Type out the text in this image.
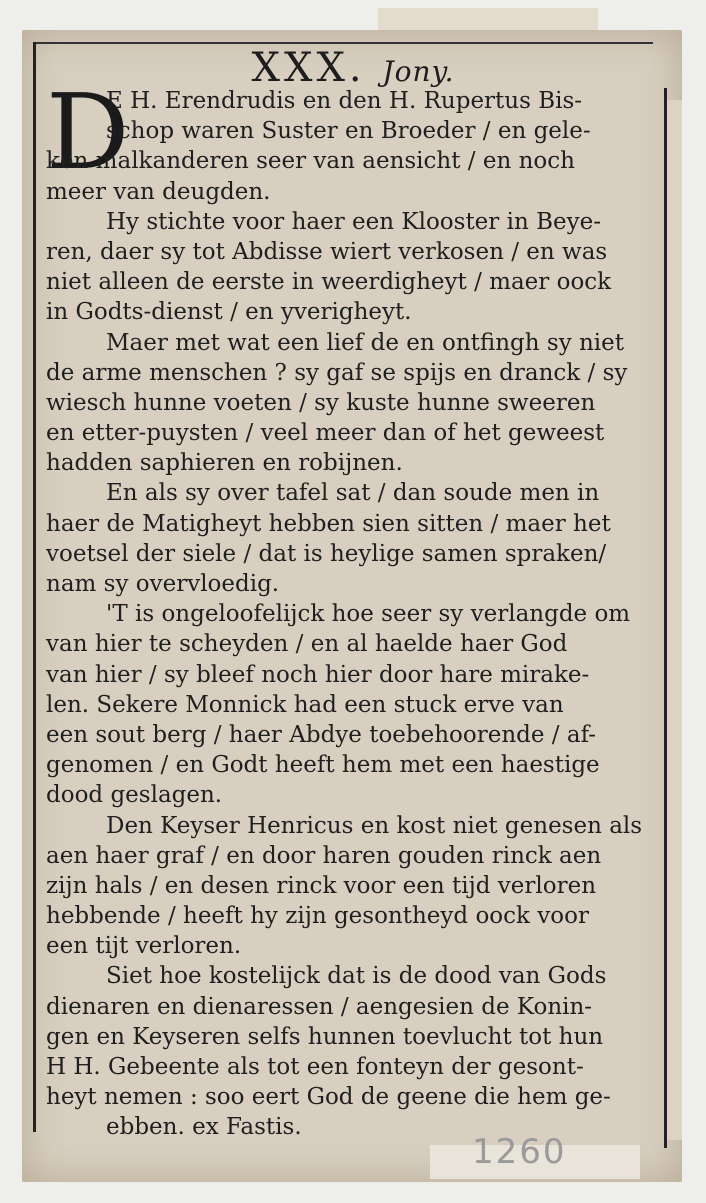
XXX. Jony.
D
E H. Erendrudis en den H. Rupertus Bis-
schop waren Suster en Broeder / en gele-
ken malkanderen seer van aensicht / en noch
meer van deugden.
Hy stichte voor haer een Klooster in Beye-
ren, daer sy tot Abdisse wiert verkosen / en was
niet alleen de eerste in weerdigheyt / maer oock
in Godts-dienst / en yverigheyt.
Maer met wat een lief de en ontfingh sy niet
de arme menschen ? sy gaf se spijs en dranck / sy
wiesch hunne voeten / sy kuste hunne sweeren
en etter-puysten / veel meer dan of het geweest
hadden saphieren en robijnen.
En als sy over tafel sat / dan soude men in
haer de Matigheyt hebben sien sitten / maer het
voetsel der siele / dat is heylige samen spraken/
nam sy overvloedig.
'T is ongeloofelijck hoe seer sy verlangde om
van hier te scheyden / en al haelde haer God
van hier / sy bleef noch hier door hare mirake-
len. Sekere Monnick had een stuck erve van
een sout berg / haer Abdye toebehoorende / af-
genomen / en Godt heeft hem met een haestige
dood geslagen.
Den Keyser Henricus en kost niet genesen als
aen haer graf / en door haren gouden rinck aen
zijn hals / en desen rinck voor een tijd verloren
hebbende / heeft hy zijn gesontheyd oock voor
een tijt verloren.
Siet hoe kostelijck dat is de dood van Gods
dienaren en dienaressen / aengesien de Konin-
gen en Keyseren selfs hunnen toevlucht tot hun
H H. Gebeente als tot een fonteyn der gesont-
heyt nemen : soo eert God de geene die hem ge-
ebben. ex Fastis.
1260
